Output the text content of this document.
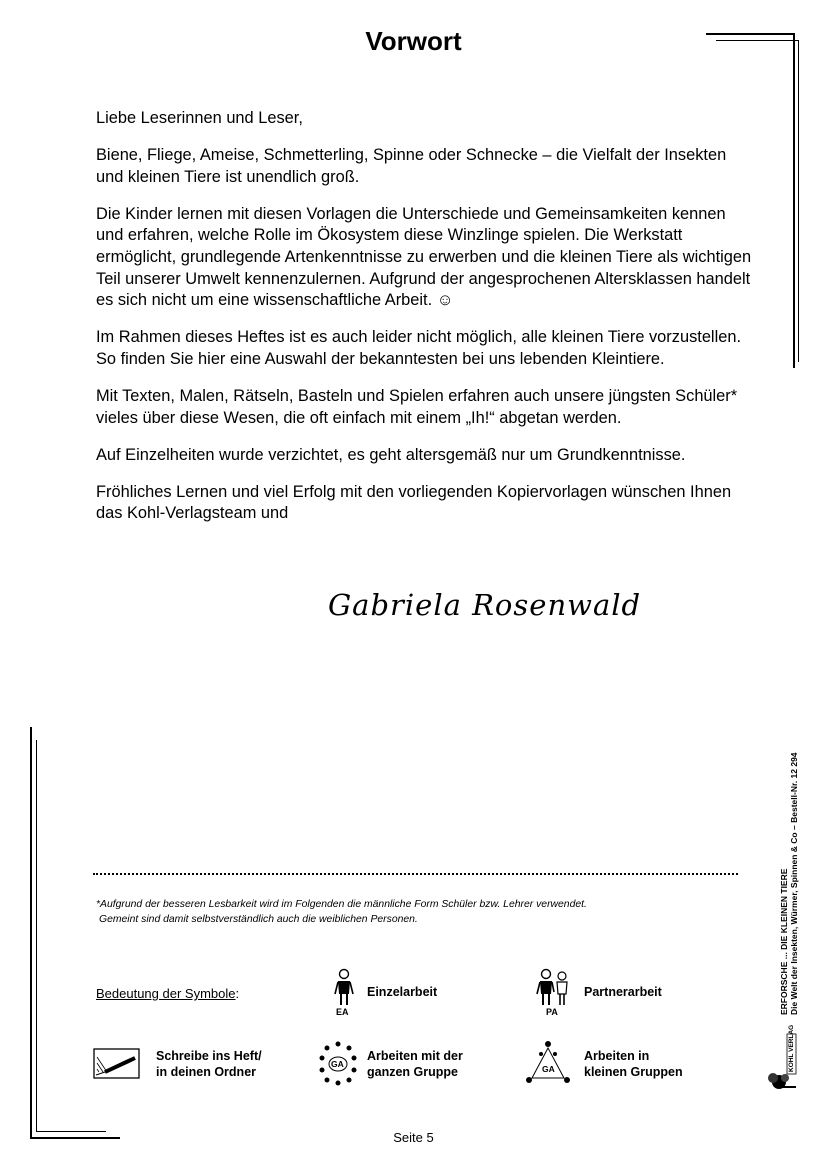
Vorwort

Liebe Leserinnen und Leser,

Biene, Fliege, Ameise, Schmetterling, Spinne oder Schnecke – die Vielfalt der Insekten und kleinen Tiere ist unendlich groß.

Die Kinder lernen mit diesen Vorlagen die Unterschiede und Gemeinsamkeiten kennen und erfahren, welche Rolle im Ökosystem diese Winzlinge spielen. Die Werkstatt ermöglicht, grundlegende Artenkenntnisse zu erwerben und die kleinen Tiere als wichtigen Teil unserer Umwelt kennenzulernen. Aufgrund der angesprochenen Altersklassen handelt es sich nicht um eine wissenschaftliche Arbeit. ☺

Im Rahmen dieses Heftes ist es auch leider nicht möglich, alle kleinen Tiere vorzustellen. So finden Sie hier eine Auswahl der bekanntesten bei uns lebenden Kleintiere.

Mit Texten, Malen, Rätseln, Basteln und Spielen erfahren auch unsere jüngsten Schüler* vieles über diese Wesen, die oft einfach mit einem „Ih!“ abgetan werden.

Auf Einzelheiten wurde verzichtet, es geht altersgemäß nur um Grundkenntnisse.

Fröhliches Lernen und viel Erfolg mit den vorliegenden Kopiervorlagen wünschen Ihnen das Kohl-Verlagsteam und

Gabriela Rosenwald
*Aufgrund der besseren Lesbarkeit wird im Folgenden die männliche Form Schüler bzw. Lehrer verwendet.
Gemeint sind damit selbstverständlich auch die weiblichen Personen.
Bedeutung der Symbole:
EA
Einzelarbeit
PA
Partnerarbeit
Schreibe ins Heft/
in deinen Ordner
GA
Arbeiten mit der
ganzen Gruppe	GA
Arbeiten in
kleinen Gruppen
ERFORSCHE ... DIE KLEINEN TIERE Die Welt der Insekten, Würmer, Spinnen & Co – Bestell-Nr. 12 294
KOHL VERLAG
Seite 5
